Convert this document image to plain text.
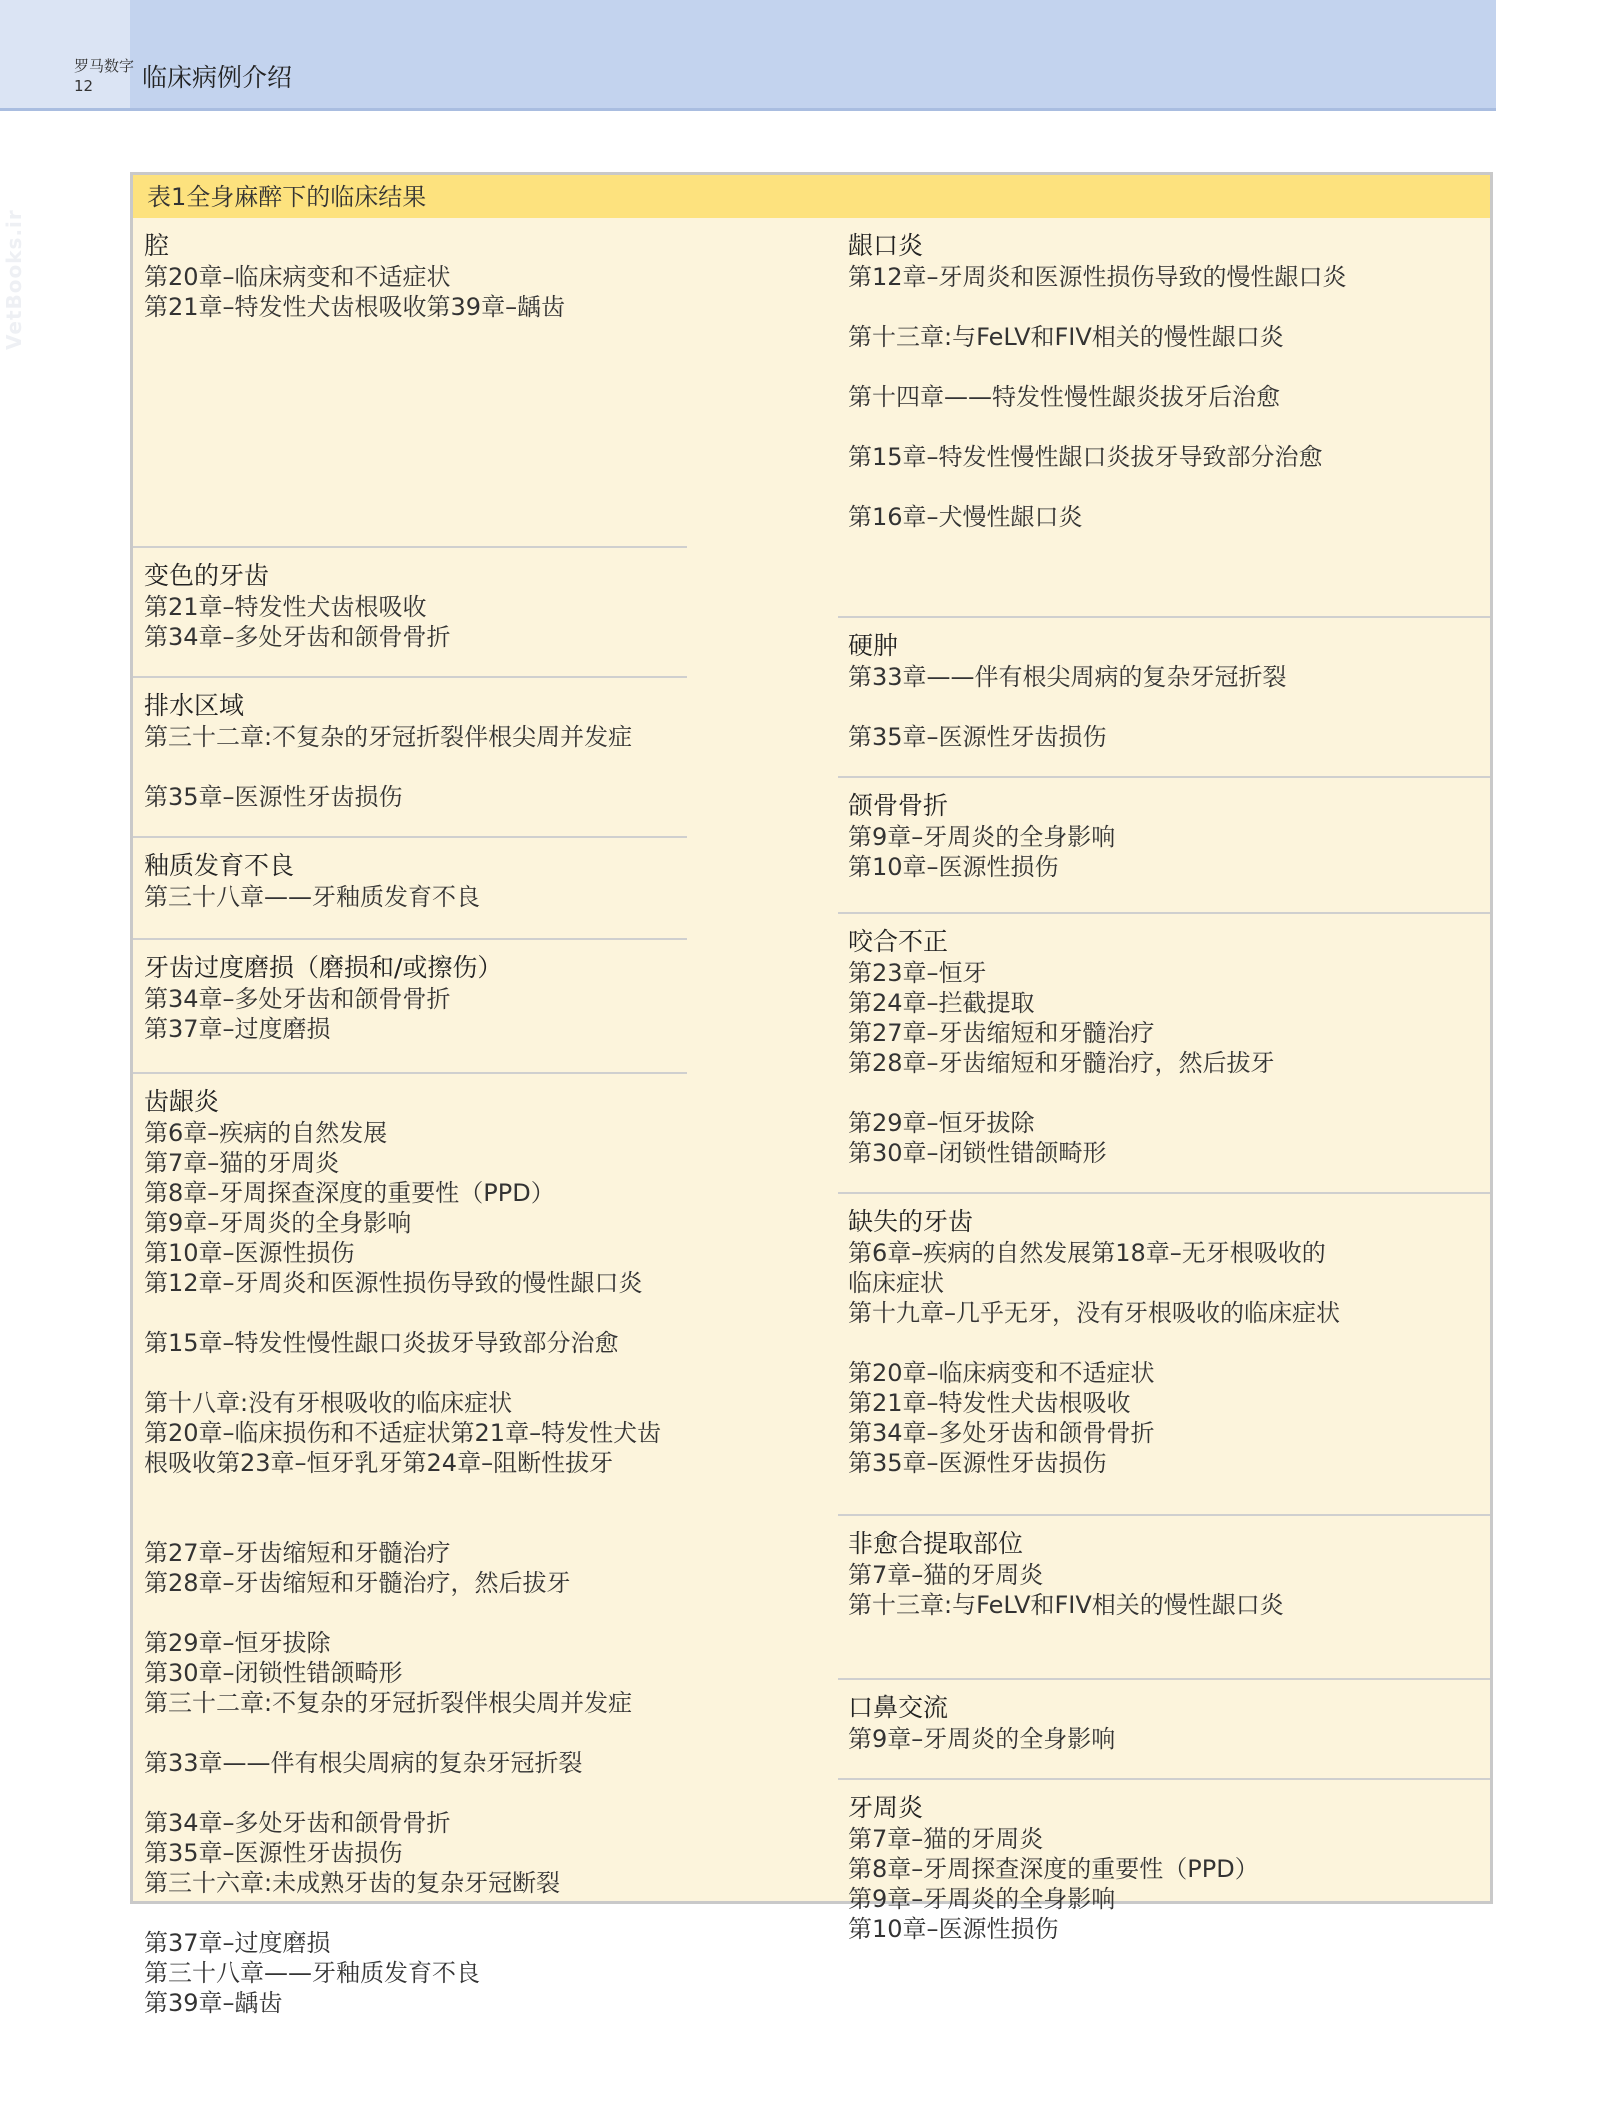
罗马数字 12	临床病例介绍
VetBooks.ir
表1全身麻醉下的临床结果
腔
第20章–临床病变和不适症状
第21章–特发性犬齿根吸收第39章–龋齿
变色的牙齿
第21章–特发性犬齿根吸收
第34章–多处牙齿和颌骨骨折
排水区域
第三十二章:不复杂的牙冠折裂伴根尖周并发症
第35章–医源性牙齿损伤
釉质发育不良
第三十八章——牙釉质发育不良
牙齿过度磨损（磨损和/或擦伤）
第34章–多处牙齿和颌骨骨折
第37章–过度磨损
齿龈炎
第6章–疾病的自然发展
第7章–猫的牙周炎
第8章–牙周探查深度的重要性（PPD）
第9章–牙周炎的全身影响
第10章–医源性损伤
第12章–牙周炎和医源性损伤导致的慢性龈口炎
第15章–特发性慢性龈口炎拔牙导致部分治愈
第十八章:没有牙根吸收的临床症状
第20章–临床损伤和不适症状第21章–特发性犬齿
根吸收第23章–恒牙乳牙第24章–阻断性拔牙
第27章–牙齿缩短和牙髓治疗
第28章–牙齿缩短和牙髓治疗，然后拔牙
第29章–恒牙拔除
第30章–闭锁性错颌畸形
第三十二章:不复杂的牙冠折裂伴根尖周并发症
第33章——伴有根尖周病的复杂牙冠折裂
第34章–多处牙齿和颌骨骨折
第35章–医源性牙齿损伤
第三十六章:未成熟牙齿的复杂牙冠断裂
第37章–过度磨损
第三十八章——牙釉质发育不良
第39章–龋齿
龈口炎
第12章–牙周炎和医源性损伤导致的慢性龈口炎
第十三章:与FeLV和FIV相关的慢性龈口炎
第十四章——特发性慢性龈炎拔牙后治愈
第15章–特发性慢性龈口炎拔牙导致部分治愈
第16章–犬慢性龈口炎
硬肿
第33章——伴有根尖周病的复杂牙冠折裂
第35章–医源性牙齿损伤
颌骨骨折
第9章–牙周炎的全身影响
第10章–医源性损伤
咬合不正
第23章–恒牙
第24章–拦截提取
第27章–牙齿缩短和牙髓治疗
第28章–牙齿缩短和牙髓治疗，然后拔牙
第29章–恒牙拔除
第30章–闭锁性错颌畸形
缺失的牙齿
第6章–疾病的自然发展第18章–无牙根吸收的
临床症状
第十九章–几乎无牙，没有牙根吸收的临床症状
第20章–临床病变和不适症状
第21章–特发性犬齿根吸收
第34章–多处牙齿和颌骨骨折
第35章–医源性牙齿损伤
非愈合提取部位
第7章–猫的牙周炎
第十三章:与FeLV和FIV相关的慢性龈口炎
口鼻交流
第9章–牙周炎的全身影响
牙周炎
第7章–猫的牙周炎
第8章–牙周探查深度的重要性（PPD）
第9章–牙周炎的全身影响
第10章–医源性损伤
